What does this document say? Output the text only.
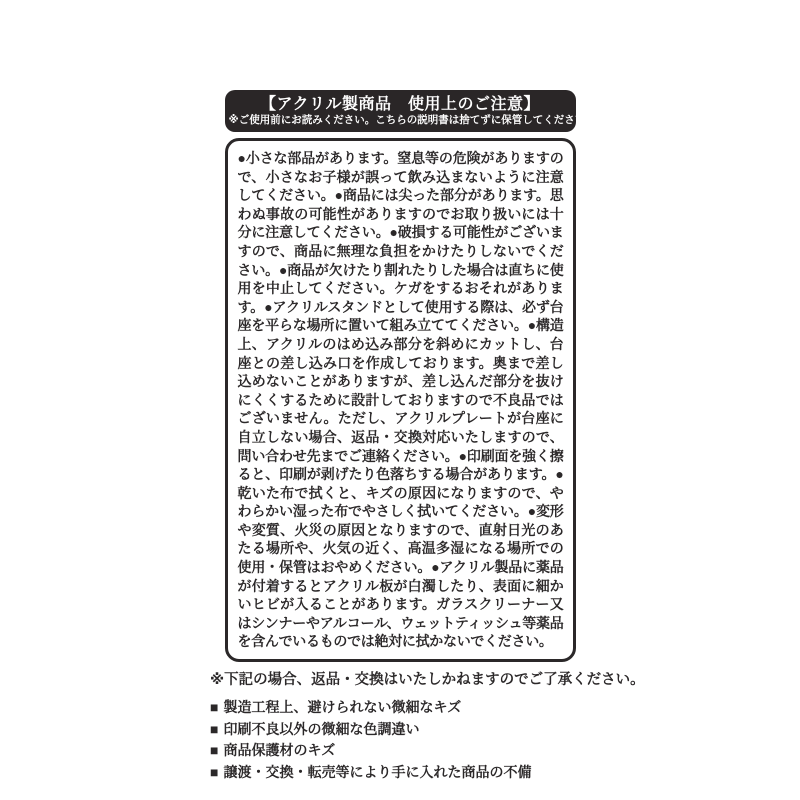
【アクリル製商品　使用上のご注意】
※ご使用前にお読みください。こちらの説明書は捨てずに保管してください。

●小さな部品があります。窒息等の危険がありますので、小さなお子様が誤って飲み込まないように注意してください。●商品には尖った部分があります。思わぬ事故の可能性がありますのでお取り扱いには十分に注意してください。●破損する可能性がございますので、商品に無理な負担をかけたりしないでください。●商品が欠けたり割れたりした場合は直ちに使用を中止してください。ケガをするおそれがあります。●アクリルスタンドとして使用する際は、必ず台座を平らな場所に置いて組み立ててください。●構造上、アクリルのはめ込み部分を斜めにカットし、台座との差し込み口を作成しております。奥まで差し込めないことがありますが、差し込んだ部分を抜けにくくするために設計しておりますので不良品ではございません。ただし、アクリルプレートが台座に自立しない場合、返品・交換対応いたしますので、問い合わせ先までご連絡ください。●印刷面を強く擦ると、印刷が剥げたり色落ちする場合があります。●乾いた布で拭くと、キズの原因になりますので、やわらかい湿った布でやさしく拭いてください。●変形や変質、火災の原因となりますので、直射日光のあたる場所や、火気の近く、高温多湿になる場所での使用・保管はおやめください。●アクリル製品に薬品が付着するとアクリル板が白濁したり、表面に細かいヒビが入ることがあります。ガラスクリーナー又はシンナーやアルコール、ウェットティッシュ等薬品を含んでいるものでは絶対に拭かないでください。

※下記の場合、返品・交換はいたしかねますのでご了承ください。

■ 製造工程上、避けられない微細なキズ
■ 印刷不良以外の微細な色調違い
■ 商品保護材のキズ
■ 譲渡・交換・転売等により手に入れた商品の不備
